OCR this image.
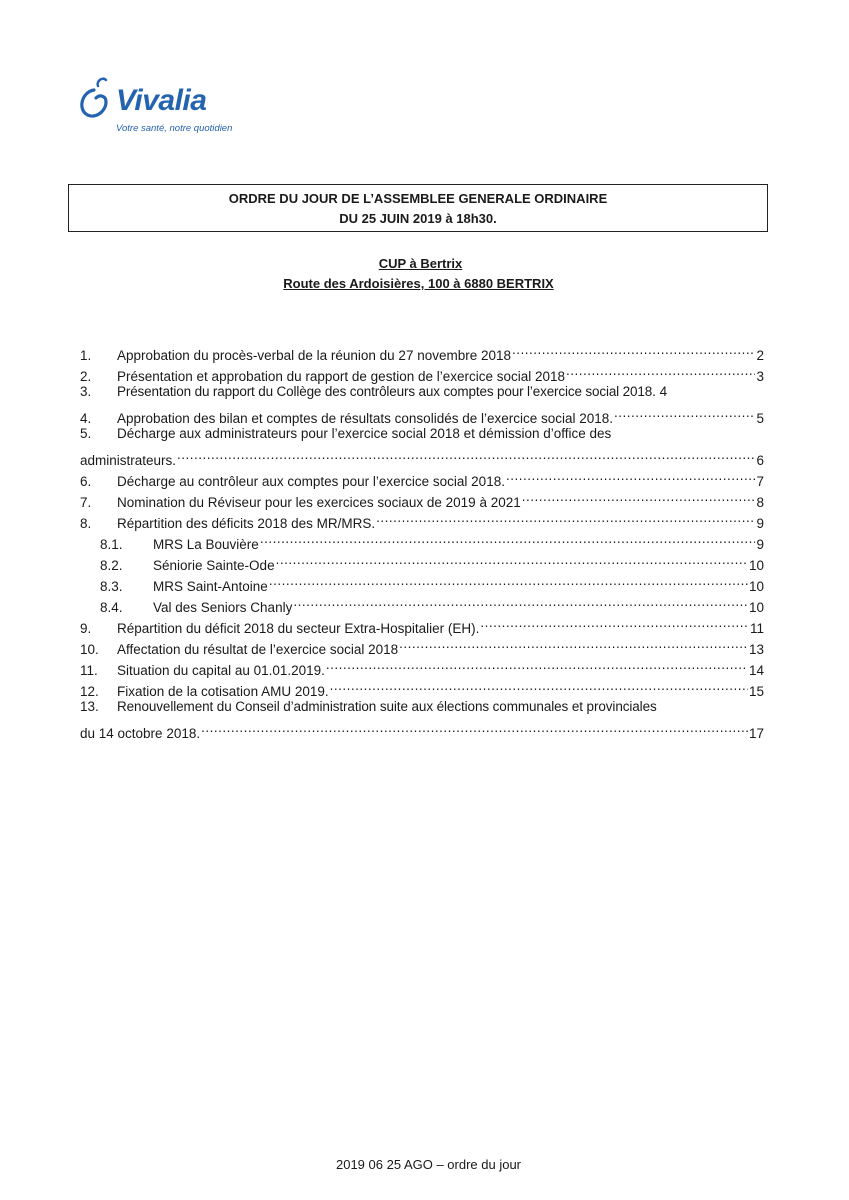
Vivalia
Votre santé, notre quotidien
ORDRE DU JOUR DE L’ASSEMBLEE GENERALE ORDINAIRE
DU 25 JUIN 2019 à 18h30.
CUP à Bertrix
Route des Ardoisières, 100 à 6880 BERTRIX
1.	Approbation du procès-verbal de la réunion du 27 novembre 2018 .....	2
2.	Présentation et approbation du rapport de gestion de l’exercice social 2018 .....	3
3.	Présentation du rapport du Collège des contrôleurs aux comptes pour l’exercice social 2018. 4
4.	Approbation des bilan et comptes de résultats consolidés de l’exercice social 2018. .....	5
5. Décharge aux administrateurs pour l’exercice social 2018 et démission d’office des
administrateurs. .....	6
6.	Décharge au contrôleur aux comptes pour l’exercice social 2018. .....	7
7.	Nomination du Réviseur pour les exercices sociaux de 2019 à 2021 .....	8
8.	Répartition des déficits 2018 des MR/MRS. .....	9
8.1.	MRS La Bouvière .....	9
8.2.	Séniorie Sainte-Ode .....	10
8.3.	MRS Saint-Antoine .....	10
8.4.	Val des Seniors Chanly .....	10
9.	Répartition du déficit 2018 du secteur Extra-Hospitalier (EH). .....	11
10.	Affectation du résultat de l’exercice social 2018 .....	13
11.	Situation du capital au 01.01.2019. .....	14
12.	Fixation de la cotisation AMU 2019. .....	15
13. Renouvellement du Conseil d’administration suite aux élections communales et provinciales
du 14 octobre 2018. .....	17
2019 06 25 AGO – ordre du jour
